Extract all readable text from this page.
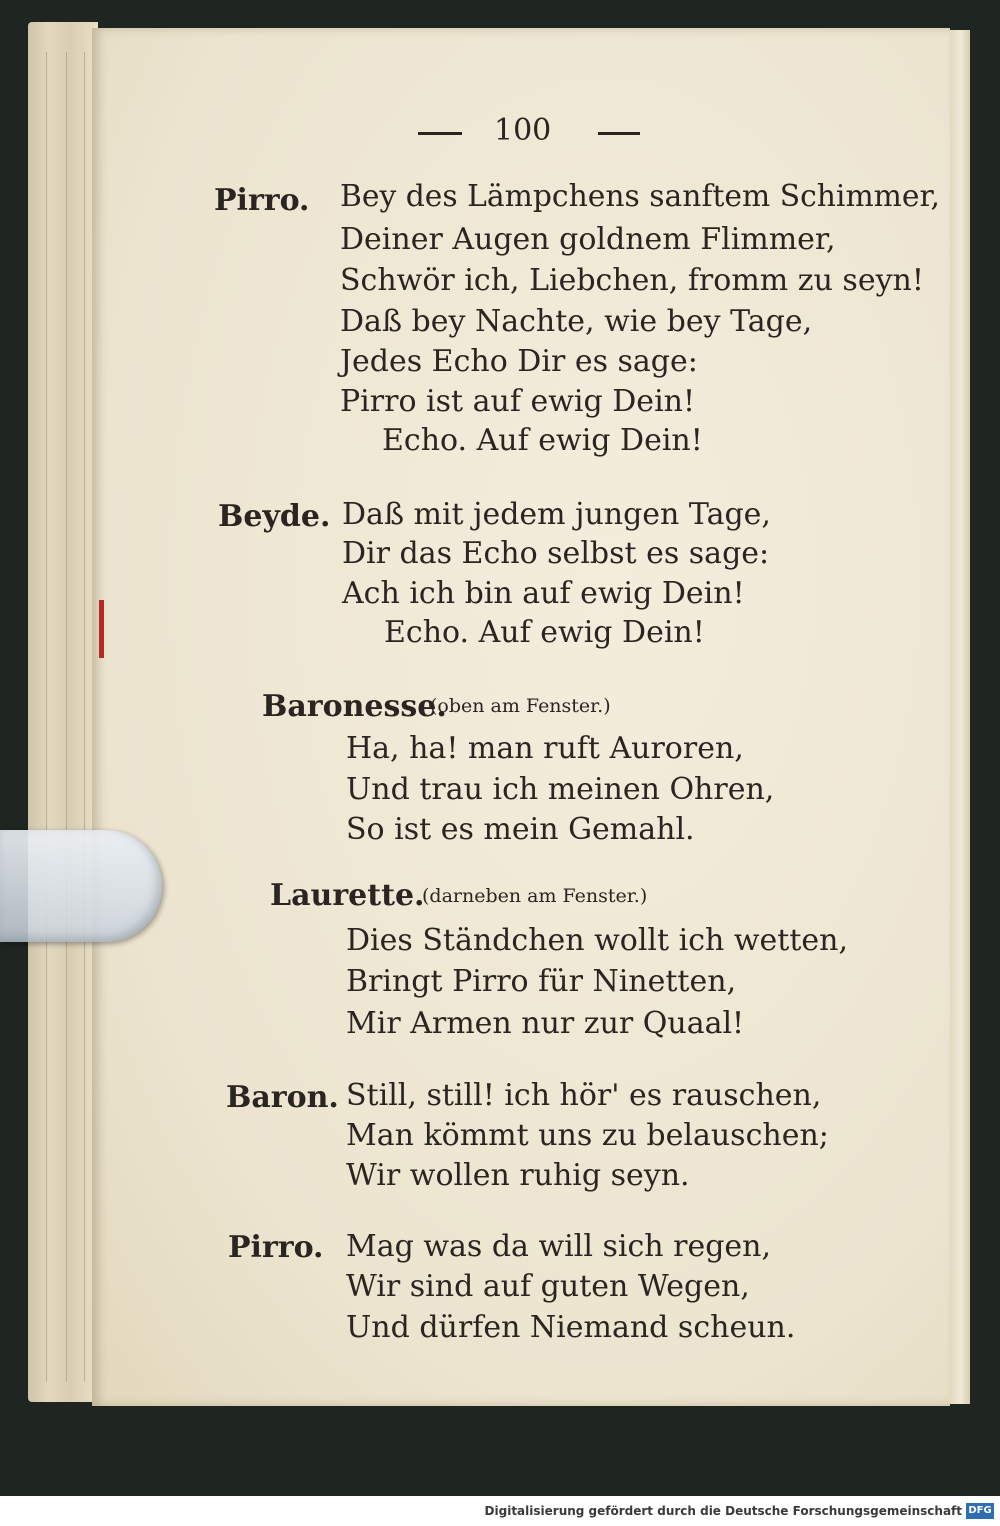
100
Pirro. Bey des Lämpchens sanftem Schimmer,
Deiner Augen goldnem Flimmer,
Schwör ich, Liebchen, fromm zu seyn!
Daß bey Nachte, wie bey Tage,
Jedes Echo Dir es sage:
Pirro ist auf ewig Dein!
Echo. Auf ewig Dein!
Beyde. Daß mit jedem jungen Tage,
Dir das Echo selbst es sage:
Ach ich bin auf ewig Dein!
Echo. Auf ewig Dein!
Baronesse.
(oben am Fenster.)
Ha, ha! man ruft Auroren,
Und trau ich meinen Ohren,
So ist es mein Gemahl.
Laurette.
(darneben am Fenster.)
Dies Ständchen wollt ich wetten,
Bringt Pirro für Ninetten,
Mir Armen nur zur Quaal!
Baron. Still, still! ich hör' es rauschen,
Man kömmt uns zu belauschen;
Wir wollen ruhig seyn.
Pirro. Mag was da will sich regen,
Wir sind auf guten Wegen,
Und dürfen Niemand scheun.
Digitalisierung gefördert durch die Deutsche Forschungsgemeinschaft DFG
